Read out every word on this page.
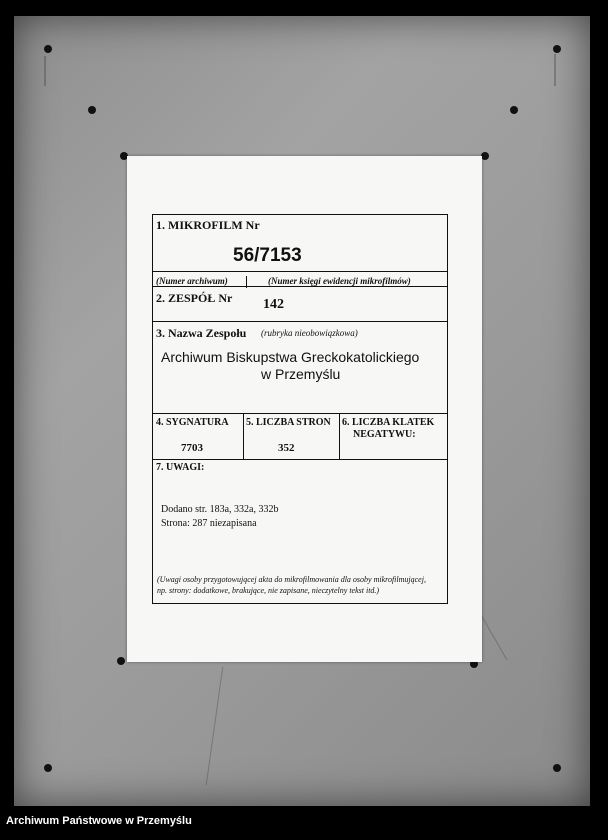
1. MIKROFILM Nr
56/7153
(Numer archiwum)	(Numer księgi ewidencji mikrofilmów)
2. ZESPÓŁ Nr 142
3. Nazwa Zespołu (rubryka nieobowiązkowa)
Archiwum Biskupstwa Greckokatolickiego
w Przemyślu
4. SYGNATURA
7703
5. LICZBA STRON
352
6. LICZBA KLATEK
NEGATYWU:
7. UWAGI:
Dodano str. 183a, 332a, 332b
Strona: 287 niezapisana
(Uwagi osoby przygotowującej akta do mikrofilmowania dla osoby mikrofilmującej,
np. strony: dodatkowe, brakujące, nie zapisane, nieczytelny tekst itd.)
Archiwum Państwowe w Przemyślu
